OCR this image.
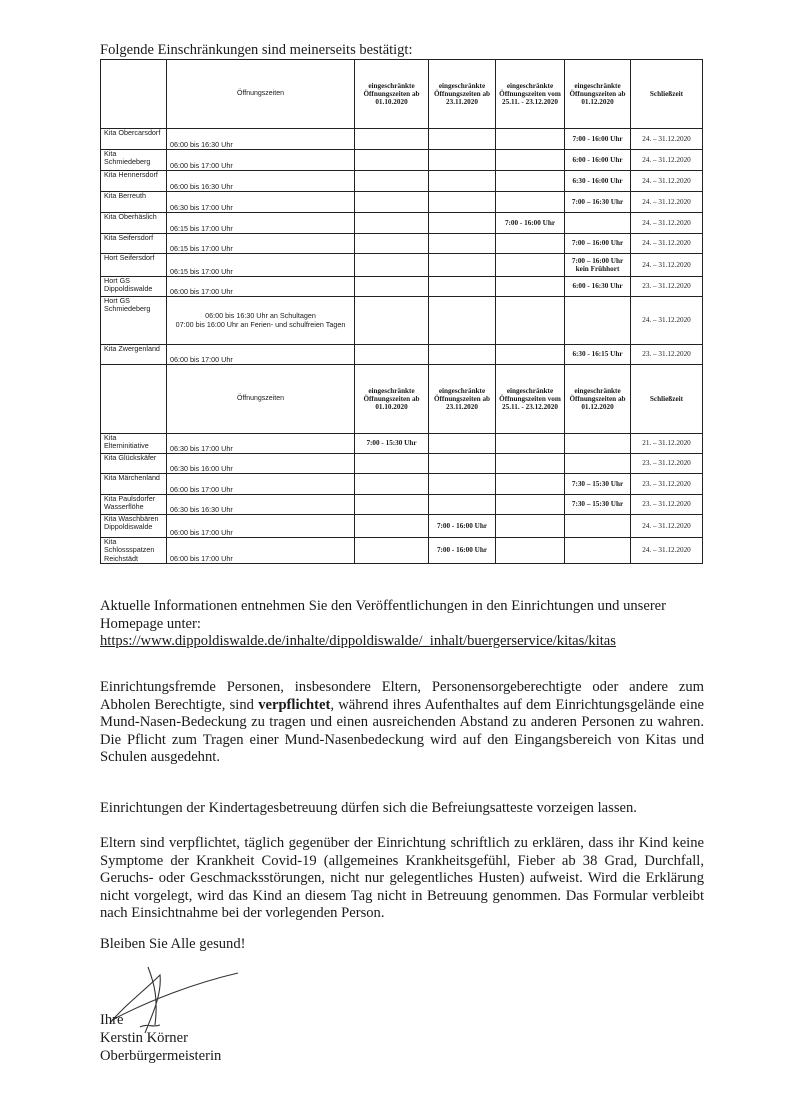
Folgende Einschränkungen sind meinerseits bestätigt:
	Öffnungszeiten	eingeschränkte Öffnungszeiten ab 01.10.2020	eingeschränkte Öffnungszeiten ab 23.11.2020	eingeschränkte Öffnungszeiten vom 25.11. - 23.12.2020	eingeschränkte Öffnungszeiten ab 01.12.2020	Schließzeit
Kita Obercarsdorf	06:00 bis 16:30 Uhr				7:00 - 16:00 Uhr	24. – 31.12.2020
Kita Schmiedeberg	06:00 bis 17:00 Uhr				6:00 - 16:00 Uhr	24. – 31.12.2020
Kita Hennersdorf	06:00 bis 16:30 Uhr				6:30 - 16:00 Uhr	24. – 31.12.2020
Kita Berreuth	06:30 bis 17:00 Uhr				7:00 – 16:30 Uhr	24. – 31.12.2020
Kita Oberhäslich	06:15 bis 17:00 Uhr			7:00 - 16:00 Uhr		24. – 31.12.2020
Kita Seifersdorf	06:15 bis 17:00 Uhr				7:00 – 16:00 Uhr	24. – 31.12.2020
Hort Seifersdorf	06:15 bis 17:00 Uhr				7:00 – 16:00 Uhr kein Frühhort	24. – 31.12.2020
Hort GS Dippoldiswalde	06:00 bis 17:00 Uhr				6:00 - 16:30 Uhr	23. – 31.12.2020
Hort GS Schmiedeberg	06:00 bis 16:30 Uhr an Schultagen
07:00 bis 16:00 Uhr an Ferien- und schulfreien Tagen					24. – 31.12.2020
Kita Zwergenland	06:00 bis 17:00 Uhr				6:30 - 16:15 Uhr	23. – 31.12.2020
	Öffnungszeiten	eingeschränkte Öffnungszeiten ab 01.10.2020	eingeschränkte Öffnungszeiten ab 23.11.2020	eingeschränkte Öffnungszeiten vom 25.11. - 23.12.2020	eingeschränkte Öffnungszeiten ab 01.12.2020	Schließzeit
Kita Elterninitiative	06:30 bis 17:00 Uhr	7:00 - 15:30 Uhr				21. – 31.12.2020
Kita Glückskäfer	06:30 bis 16:00 Uhr					23. – 31.12.2020
Kita Märchenland	06:00 bis 17:00 Uhr				7:30 – 15:30 Uhr	23. – 31.12.2020
Kita Paulsdorfer Wasserflöhe	06:30 bis 16:30 Uhr				7:30 – 15:30 Uhr	23. – 31.12.2020
Kita Waschbären Dippoldiswalde	06:00 bis 17:00 Uhr		7:00 - 16:00 Uhr			24. – 31.12.2020
Kita Schlossspatzen Reichstädt	06:00 bis 17:00 Uhr		7:00 - 16:00 Uhr			24. – 31.12.2020

Aktuelle Informationen entnehmen Sie den Veröffentlichungen in den Einrichtungen und unserer Homepage unter:
https://www.dippoldiswalde.de/inhalte/dippoldiswalde/_inhalt/buergerservice/kitas/kitas

Einrichtungsfremde Personen, insbesondere Eltern, Personensorgeberechtigte oder andere zum Abholen Berechtigte, sind verpflichtet, während ihres Aufenthaltes auf dem Einrichtungsgelände eine Mund-Nasen-Bedeckung zu tragen und einen ausreichenden Abstand zu anderen Personen zu wahren. Die Pflicht zum Tragen einer Mund-Nasenbedeckung wird auf den Eingangsbereich von Kitas und Schulen ausgedehnt.

Einrichtungen der Kindertagesbetreuung dürfen sich die Befreiungsatteste vorzeigen lassen.

Eltern sind verpflichtet, täglich gegenüber der Einrichtung schriftlich zu erklären, dass ihr Kind keine Symptome der Krankheit Covid-19 (allgemeines Krankheitsgefühl, Fieber ab 38 Grad, Durchfall, Geruchs- oder Geschmacksstörungen, nicht nur gelegentliches Husten) aufweist. Wird die Erklärung nicht vorgelegt, wird das Kind an diesem Tag nicht in Betreuung genommen. Das Formular verbleibt nach Einsichtnahme bei der vorlegenden Person.

Bleiben Sie Alle gesund!
Ihre
Kerstin Körner
Oberbürgermeisterin
